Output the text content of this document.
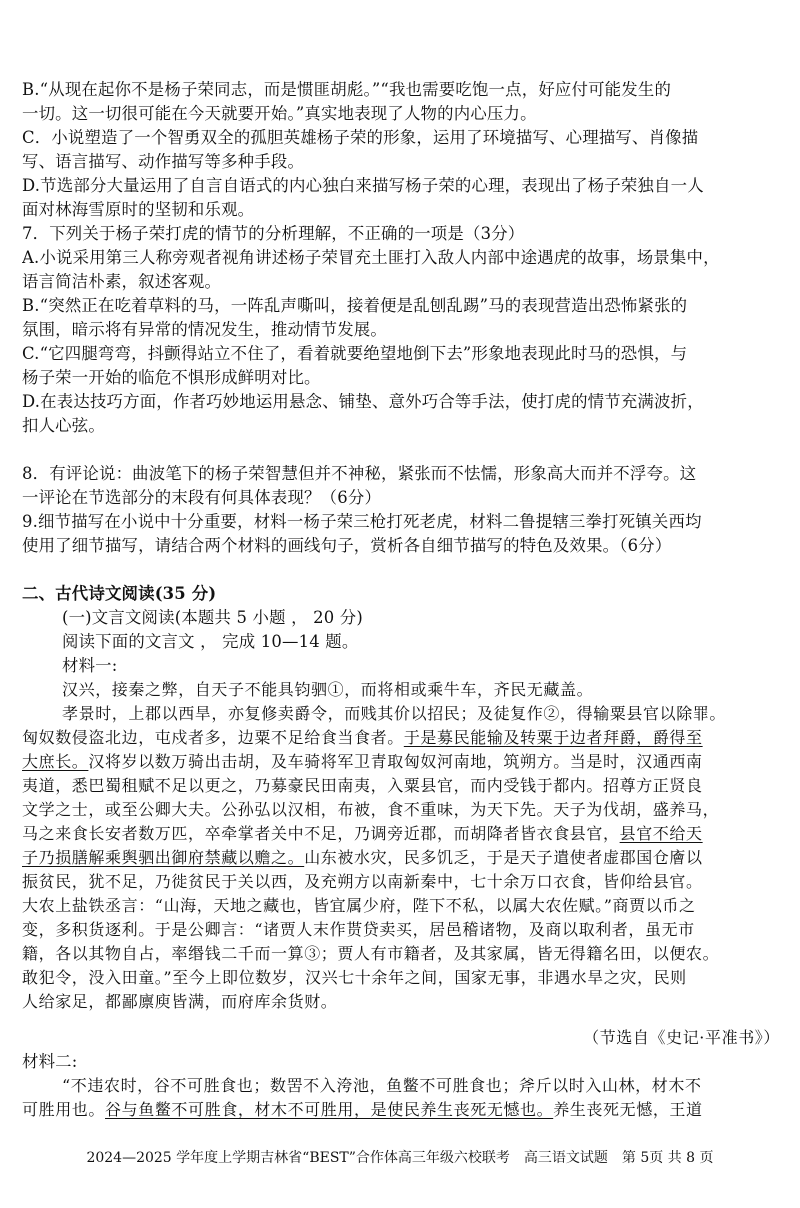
B.“从现在起你不是杨子荣同志，而是惯匪胡彪。”“我也需要吃饱一点，好应付可能发生的
一切。这一切很可能在今天就要开始。”真实地表现了人物的内心压力。
C．小说塑造了一个智勇双全的孤胆英雄杨子荣的形象，运用了环境描写、心理描写、肖像描
写、语言描写、动作描写等多种手段。
D.节选部分大量运用了自言自语式的内心独白来描写杨子荣的心理，表现出了杨子荣独自一人
面对林海雪原时的坚韧和乐观。
7．下列关于杨子荣打虎的情节的分析理解，不正确的一项是（3分）
A.小说采用第三人称旁观者视角讲述杨子荣冒充土匪打入敌人内部中途遇虎的故事，场景集中，
语言简洁朴素，叙述客观。
B.“突然正在吃着草料的马，一阵乱声嘶叫，接着便是乱刨乱踢”马的表现营造出恐怖紧张的
氛围，暗示将有异常的情况发生，推动情节发展。
C.“它四腿弯弯，抖颤得站立不住了，看着就要绝望地倒下去”形象地表现此时马的恐惧，与
杨子荣一开始的临危不惧形成鲜明对比。
D.在表达技巧方面，作者巧妙地运用悬念、铺垫、意外巧合等手法，使打虎的情节充满波折，
扣人心弦。
8．有评论说：曲波笔下的杨子荣智慧但并不神秘，紧张而不怯懦，形象高大而并不浮夸。这
一评论在节选部分的末段有何具体表现？（6分）
9.细节描写在小说中十分重要，材料一杨子荣三枪打死老虎，材料二鲁提辖三拳打死镇关西均
使用了细节描写，请结合两个材料的画线句子，赏析各自细节描写的特色及效果。（6分）
二、古代诗文阅读(35 分)
(一)文言文阅读(本题共 5 小题 ， 20 分)
阅读下面的文言文 ， 完成 10—14 题。
材料一:
汉兴，接秦之弊，自天子不能具钧驷①，而将相或乘牛车，齐民无藏盖。
孝景时，上郡以西旱，亦复修卖爵令，而贱其价以招民；及徒复作②，得输粟县官以除罪。
匈奴数侵盗北边，屯戍者多，边粟不足给食当食者。于是募民能输及转粟于边者拜爵，爵得至
大庶长。汉将岁以数万骑出击胡，及车骑将军卫青取匈奴河南地，筑朔方。当是时，汉通西南
夷道，悉巴蜀租赋不足以更之，乃募豪民田南夷，入粟县官，而内受钱于都内。招尊方正贤良
文学之士，或至公卿大夫。公孙弘以汉相，布被，食不重味，为天下先。天子为伐胡，盛养马，
马之来食长安者数万匹，卒牵掌者关中不足，乃调旁近郡，而胡降者皆衣食县官，县官不给天
子乃损膳解乘舆驷出御府禁藏以赡之。山东被水灾，民多饥乏，于是天子遣使者虚郡国仓廥以
振贫民，犹不足，乃徙贫民于关以西，及充朔方以南新秦中，七十余万口衣食，皆仰给县官。
大农上盐铁丞言：“山海，天地之藏也，皆宜属少府，陛下不私，以属大农佐赋。”商贾以币之
变，多积货逐利。于是公卿言：“诸贾人末作贳贷卖买，居邑稽诸物，及商以取利者，虽无市
籍，各以其物自占，率缗钱二千而一算③；贾人有市籍者，及其家属，皆无得籍名田，以便农。
敢犯令，没入田童。”至今上即位数岁，汉兴七十余年之间，国家无事，非遇水旱之灾，民则
人给家足，都鄙廪庾皆满，而府库余货财。
（节选自《史记·平准书》）
材料二:
“不违农时，谷不可胜食也；数罟不入洿池，鱼鳖不可胜食也；斧斤以时入山林，材木不
可胜用也。谷与鱼鳖不可胜食，材木不可胜用，是使民养生丧死无憾也。养生丧死无憾，王道
2024—2025 学年度上学期吉林省“BEST”合作体高三年级六校联考　高三语文试题　第 5页 共 8 页
